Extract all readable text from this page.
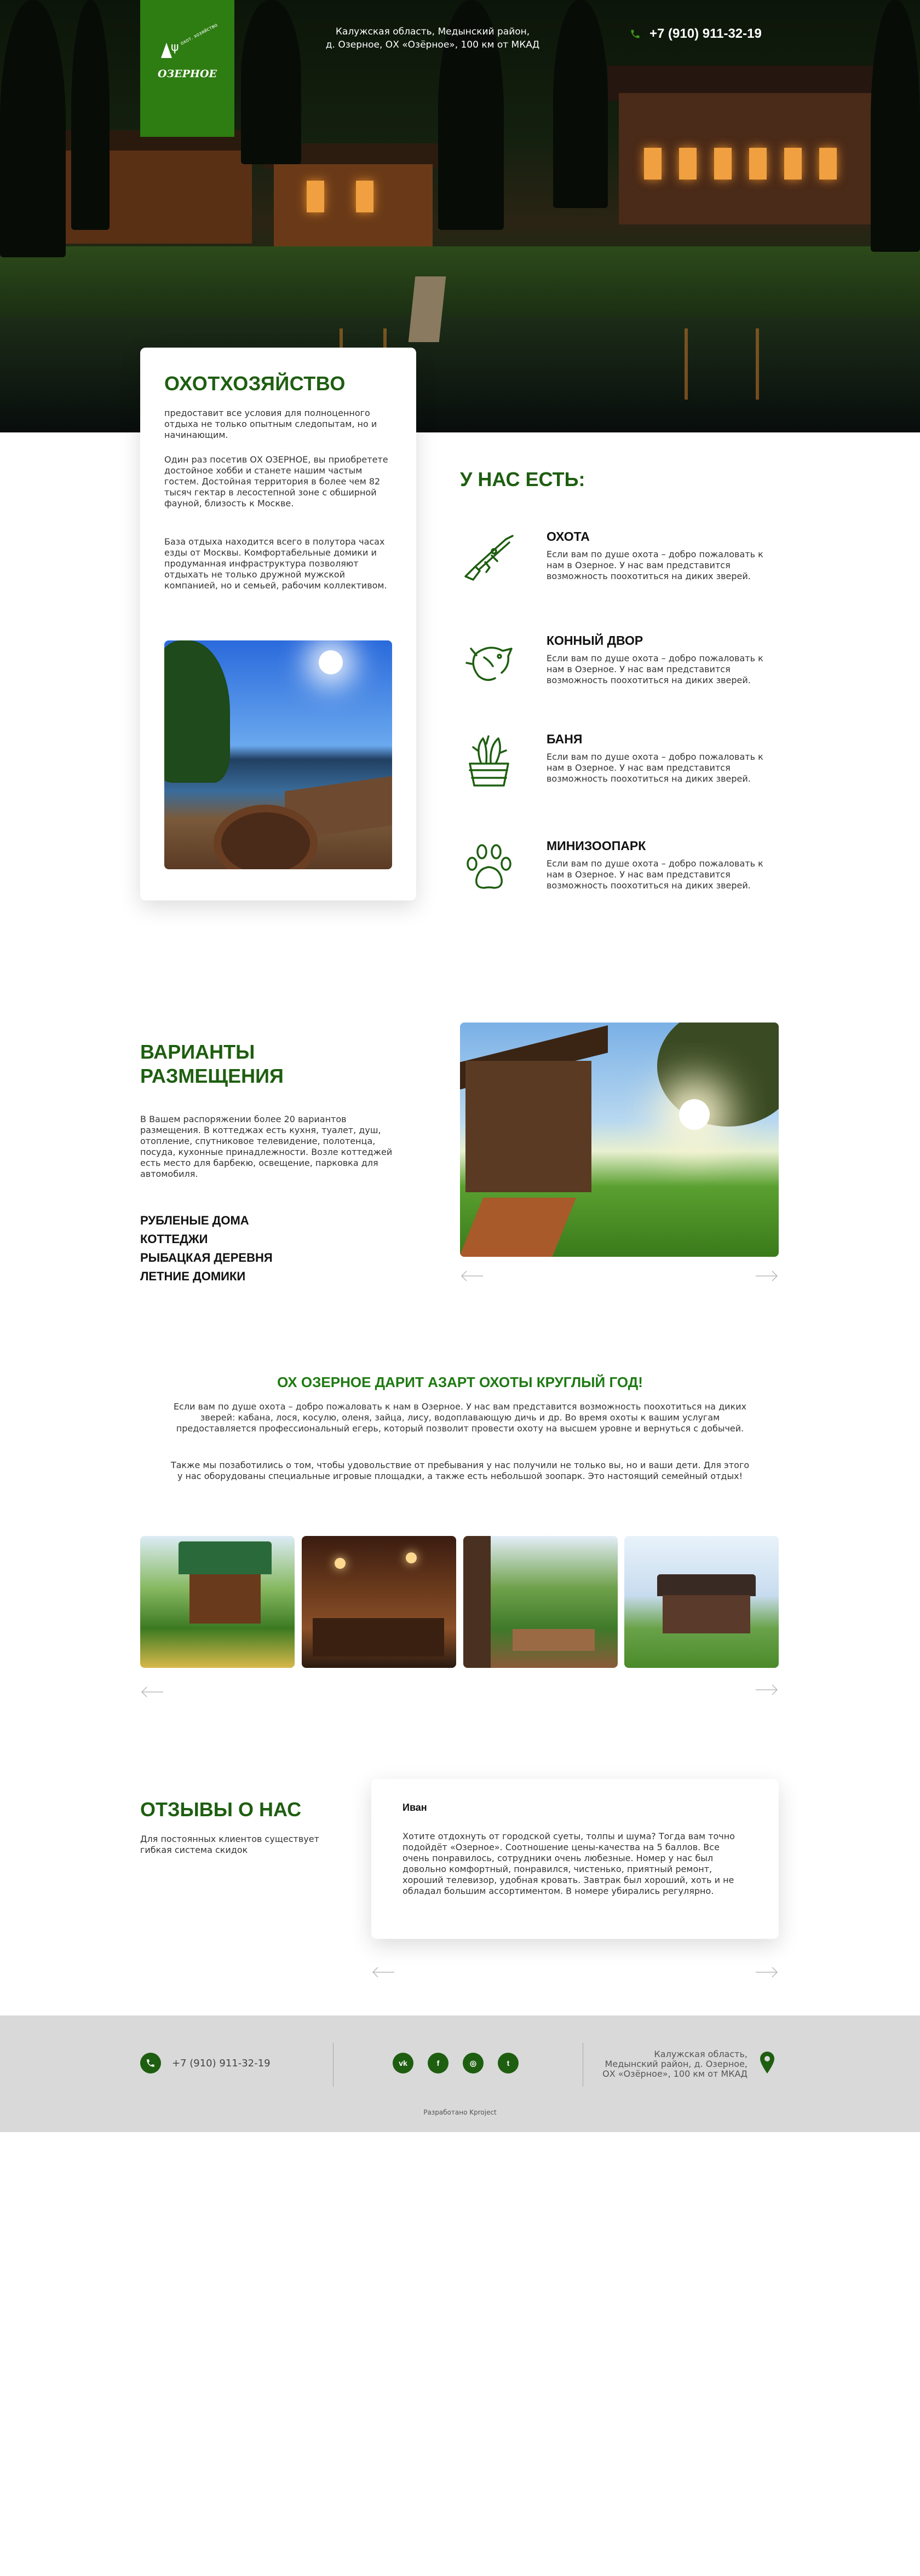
охот. хозяйство
ψ
ОЗЕРНОЕ
Калужская область, Медынский район,
д. Озерное, ОХ «Озёрное», 100 км от МКАД
+7 (910) 911-32-19
ОХОТХОЗЯЙСТВО

предоставит все условия для полноценного отдыха не только опытным следопытам, но и начинающим.

Один раз посетив ОХ ОЗЕРНОЕ, вы приобретете достойное хобби и станете нашим частым гостем. Достойная территория в более чем 82 тысяч гектар в лесостепной зоне с обширной фауной, близость к Москве.

База отдыха находится всего в полутора часах езды от Москвы. Комфортабельные домики и продуманная инфраструктура позволяют отдыхать не только дружной мужской компанией, но и семьей, рабочим коллективом.

У НАС ЕСТЬ:
ОХОТА
Если вам по душе охота – добро пожаловать к нам в Озерное. У нас вам представится возможность поохотиться на диких зверей.
КОННЫЙ ДВОР
Если вам по душе охота – добро пожаловать к нам в Озерное. У нас вам представится возможность поохотиться на диких зверей.
БАНЯ
Если вам по душе охота – добро пожаловать к нам в Озерное. У нас вам представится возможность поохотиться на диких зверей.
МИНИЗООПАРК
Если вам по душе охота – добро пожаловать к нам в Озерное. У нас вам представится возможность поохотиться на диких зверей.
ВАРИАНТЫ
РАЗМЕЩЕНИЯ

В Вашем распоряжении более 20 вариантов размещения. В коттеджах есть кухня, туалет, душ, отопление, спутниковое телевидение, полотенца, посуда, кухонные принадлежности. Возле коттеджей есть место для барбекю, освещение, парковка для автомобиля.

РУБЛЕНЫЕ ДОМА
КОТТЕДЖИ
РЫБАЦКАЯ ДЕРЕВНЯ
ЛЕТНИЕ ДОМИКИ
ОХ ОЗЕРНОЕ ДАРИТ АЗАРТ ОХОТЫ КРУГЛЫЙ ГОД!

Если вам по душе охота – добро пожаловать к нам в Озерное. У нас вам представится возможность поохотиться на диких зверей: кабана, лося, косулю, оленя, зайца, лису, водоплавающую дичь и др. Во время охоты к вашим услугам предоставляется профессиональный егерь, который позволит провести охоту на высшем уровне и вернуться с добычей.

Также мы позаботились о том, чтобы удовольствие от пребывания у нас получили не только вы, но и ваши дети. Для этого у нас оборудованы специальные игровые площадки, а также есть небольшой зоопарк. Это настоящий семейный отдых!

ОТЗЫВЫ О НАС

Для постоянных клиентов существует гибкая система скидок

Иван

Хотите отдохнуть от городской суеты, толпы и шума? Тогда вам точно подойдёт «Озерное». Соотношение цены-качества на 5 баллов. Все очень понравилось, сотрудники очень любезные. Номер у нас был довольно комфортный, понравился, чистенько, приятный ремонт, хороший телевизор, удобная кровать. Завтрак был хороший, хоть и не обладал большим ассортиментом. В номере убирались регулярно.

+7 (910) 911-32-19	vk	f	◎	t
Калужская область,
Медынский район, д. Озерное,
ОХ «Озёрное», 100 км от МКАД
Разработано Kproject
